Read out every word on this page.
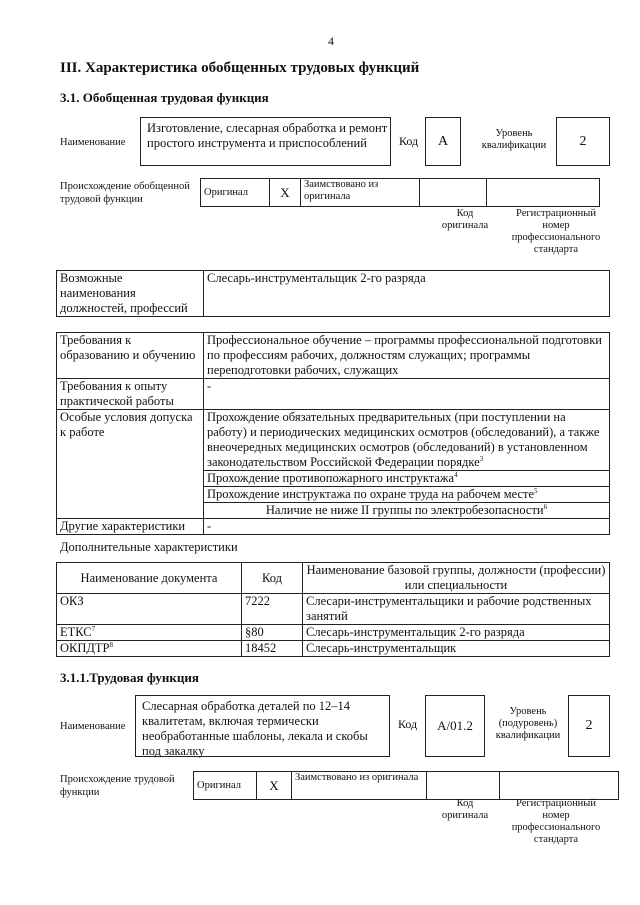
4
III. Характеристика обобщенных трудовых функций
3.1. Обобщенная трудовая функция
Наименование
Изготовление, слесарная обработка и ремонт простого инструмента и приспособлений	Код А	Уровень квалификации 2
Происхождение обобщенной трудовой функции
Оригинал	Х	Заимствовано из оригинала		
Код оригинала
Регистрационный номер профессионального стандарта
Возможные наименования должностей, профессий	Слесарь-инструментальщик 2-го разряда
Требования к образованию и обучению	Профессиональное обучение – программы профессиональной подготовки по профессиям рабочих, должностям служащих; программы переподготовки рабочих, служащих
Требования к опыту практической работы	-
Особые условия допуска к работе	Прохождение обязательных предварительных (при поступлении на работу) и периодических медицинских осмотров (обследований), а также внеочередных медицинских осмотров (обследований) в установленном законодательством Российской Федерации порядке$^3$
	Прохождение противопожарного инструктажа$^4$
	Прохождение инструктажа по охране труда на рабочем месте$^5$
	Наличие не ниже II группы по электробезопасности$^6$
Другие характеристики	-
Дополнительные характеристики
Наименование документа	Код	Наименование базовой группы, должности (профессии) или специальности
ОКЗ	7222	Слесари-инструментальщики и рабочие родственных занятий
ЕТКС$^7$	§80	Слесарь-инструментальщик 2-го разряда
ОКПДТР$^8$	18452	Слесарь-инструментальщик
3.1.1.Трудовая функция
Наименование
Слесарная обработка деталей по 12–14 квалитетам, включая термически необработанные шаблоны, лекала и скобы под закалку
Код А/01.2
Уровень (подуровень) квалификации
2
Происхождение трудовой функции
Оригинал	Х	Заимствовано из оригинала		
Код оригинала
Регистрационный номер профессионального стандарта
